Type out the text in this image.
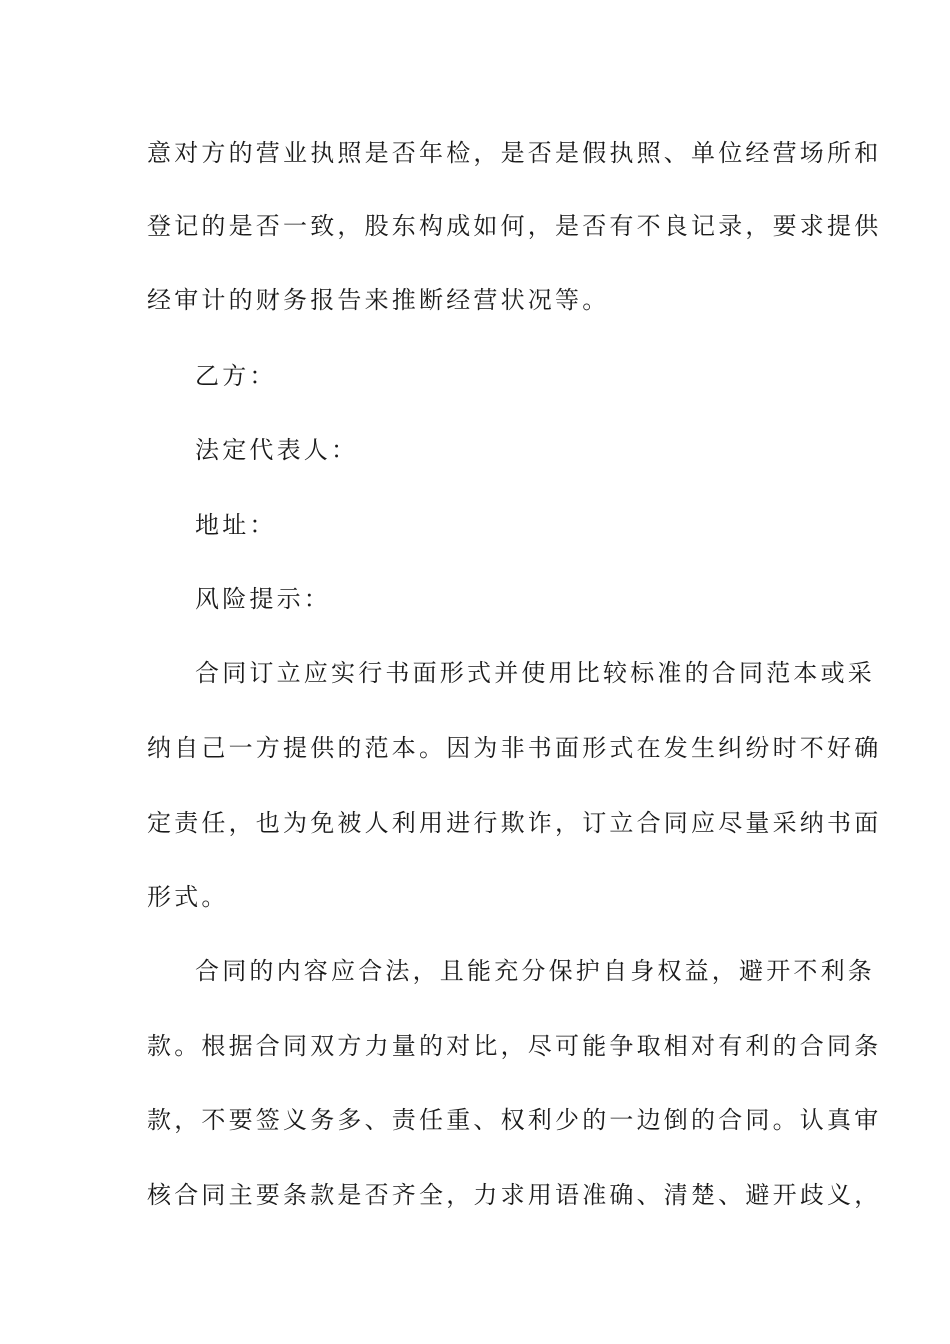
意对方的营业执照是否年检，是否是假执照、单位经营场所和
登记的是否一致，股东构成如何，是否有不良记录，要求提供
经审计的财务报告来推断经营状况等。
乙方：
法定代表人：
地址：
风险提示：
合同订立应实行书面形式并使用比较标准的合同范本或采
纳自己一方提供的范本。因为非书面形式在发生纠纷时不好确
定责任，也为免被人利用进行欺诈，订立合同应尽量采纳书面
形式。
合同的内容应合法，且能充分保护自身权益，避开不利条
款。根据合同双方力量的对比，尽可能争取相对有利的合同条
款，不要签义务多、责任重、权利少的一边倒的合同。认真审
核合同主要条款是否齐全，力求用语准确、清楚、避开歧义，
